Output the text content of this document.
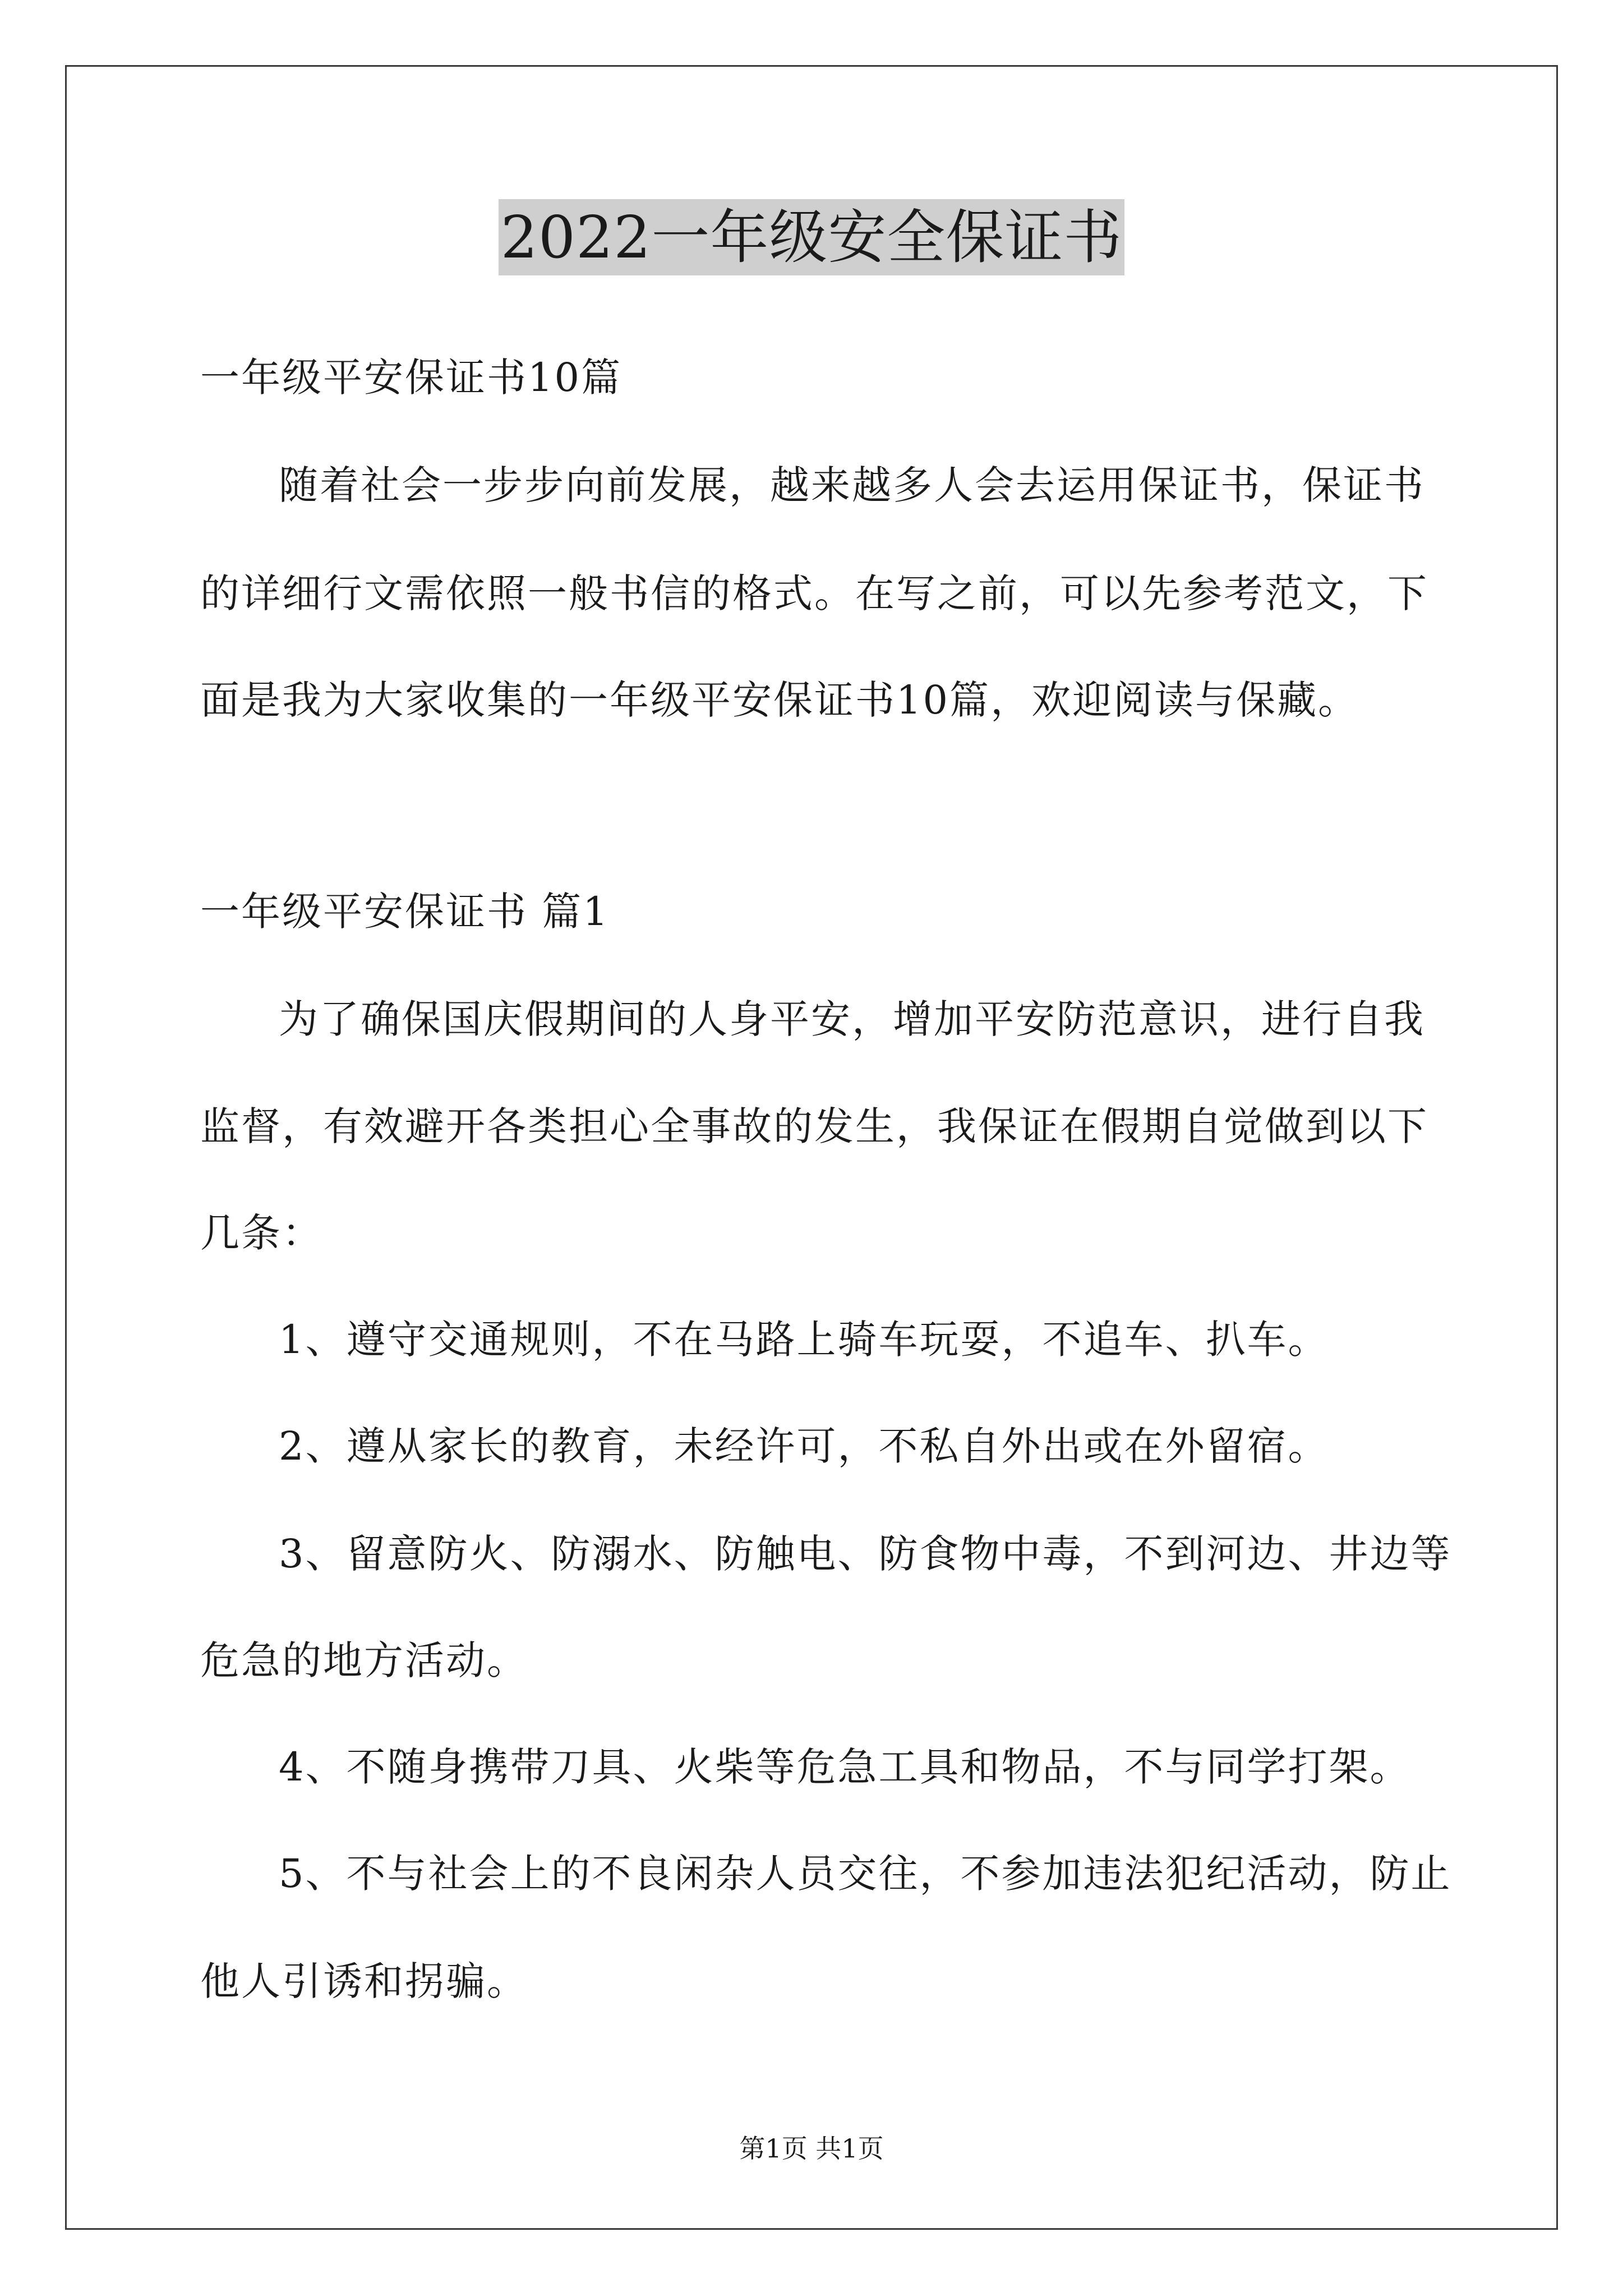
2022一年级安全保证书
一年级平安保证书10篇
随着社会一步步向前发展，越来越多人会去运用保证书，保证书
的详细行文需依照一般书信的格式。在写之前，可以先参考范文，下
面是我为大家收集的一年级平安保证书10篇，欢迎阅读与保藏。
一年级平安保证书 篇1
为了确保国庆假期间的人身平安，增加平安防范意识，进行自我
监督，有效避开各类担心全事故的发生，我保证在假期自觉做到以下
几条：
1、遵守交通规则，不在马路上骑车玩耍，不追车、扒车。
2、遵从家长的教育，未经许可，不私自外出或在外留宿。
3、留意防火、防溺水、防触电、防食物中毒，不到河边、井边等
危急的地方活动。
4、不随身携带刀具、火柴等危急工具和物品，不与同学打架。
5、不与社会上的不良闲杂人员交往，不参加违法犯纪活动，防止
他人引诱和拐骗。
第1页 共1页
